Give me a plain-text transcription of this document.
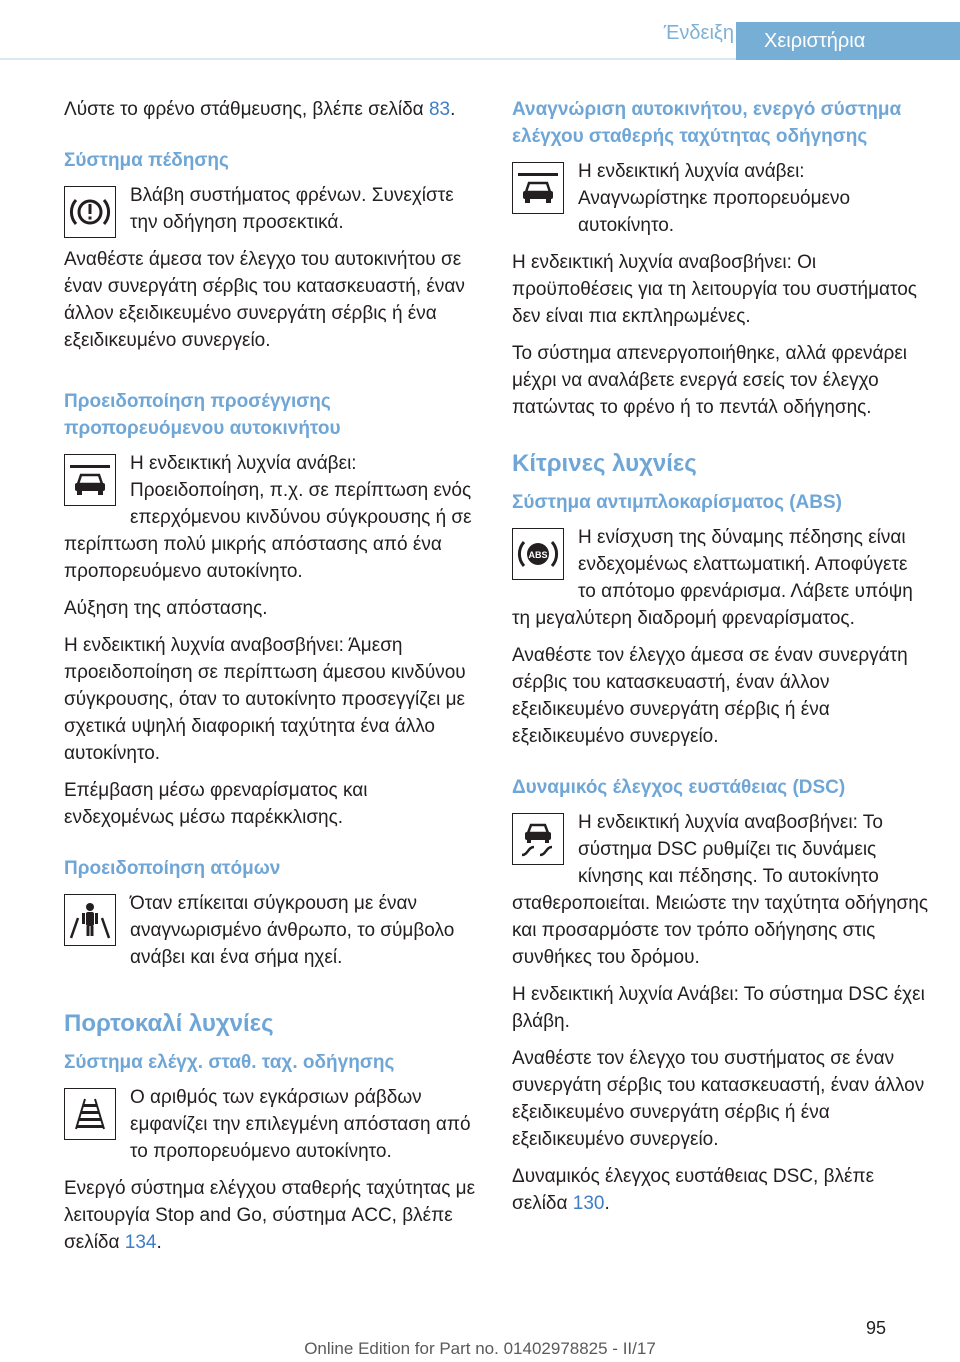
Ένδειξη	Χειριστήρια

Λύστε το φρένο στάθμευσης, βλέπε σελίδα 83.

Σύστημα πέδησης

Βλάβη συστήματος φρένων. Συνεχίστε την οδήγηση προσεκτικά.

Αναθέστε άμεσα τον έλεγχο του αυτοκινήτου σε έναν συνεργάτη σέρβις του κατασκευαστή, έναν άλλον εξειδικευμένο συνεργάτη σέρβις ή ένα εξειδικευμένο συνεργείο.

Προειδοποίηση προσέγγισης προπορευόμενου αυτοκινήτου

Η ενδεικτική λυχνία ανάβει: Προειδοποίηση, π.χ. σε περίπτωση ενός επερχόμενου κινδύνου σύγκρουσης ή σε περίπτωση πολύ μικρής απόστασης από ένα προπορευόμενο αυτοκίνητο.

Αύξηση της απόστασης.

Η ενδεικτική λυχνία αναβοσβήνει: Άμεση προειδοποίηση σε περίπτωση άμεσου κινδύνου σύγκρουσης, όταν το αυτοκίνητο προσεγγίζει με σχετικά υψηλή διαφορική ταχύτητα ένα άλλο αυτοκίνητο.

Επέμβαση μέσω φρεναρίσματος και ενδεχομένως μέσω παρέκκλισης.

Προειδοποίηση ατόμων

Όταν επίκειται σύγκρουση με έναν αναγνωρισμένο άνθρωπο, το σύμβολο ανάβει και ένα σήμα ηχεί.

Πορτοκαλί λυχνίες
Σύστημα ελέγχ. σταθ. ταχ. οδήγησης

Ο αριθμός των εγκάρσιων ράβδων εμφανίζει την επιλεγμένη απόσταση από το προπορευόμενο αυτοκίνητο.

Ενεργό σύστημα ελέγχου σταθερής ταχύτητας με λειτουργία Stop and Go, σύστημα ACC, βλέπε σελίδα 134.

Αναγνώριση αυτοκινήτου, ενεργό σύστημα ελέγχου σταθερής ταχύτητας οδήγησης

Η ενδεικτική λυχνία ανάβει: Αναγνωρίστηκε προπορευόμενο αυτοκίνητο.

Η ενδεικτική λυχνία αναβοσβήνει: Οι προϋποθέσεις για τη λειτουργία του συστήματος δεν είναι πια εκπληρωμένες.

Το σύστημα απενεργοποιήθηκε, αλλά φρενάρει μέχρι να αναλάβετε ενεργά εσείς τον έλεγχο πατώντας το φρένο ή το πεντάλ οδήγησης.

Κίτρινες λυχνίες
Σύστημα αντιμπλοκαρίσματος (ABS)
ABS

Η ενίσχυση της δύναμης πέδησης είναι ενδεχομένως ελαττωματική. Αποφύγετε το απότομο φρενάρισμα. Λάβετε υπόψη τη μεγαλύτερη διαδρομή φρεναρίσματος.

Αναθέστε τον έλεγχο άμεσα σε έναν συνεργάτη σέρβις του κατασκευαστή, έναν άλλον εξειδικευμένο συνεργάτη σέρβις ή ένα εξειδικευμένο συνεργείο.

Δυναμικός έλεγχος ευστάθειας (DSC)

Η ενδεικτική λυχνία αναβοσβήνει: Το σύστημα DSC ρυθμίζει τις δυνάμεις κίνησης και πέδησης. Το αυτοκίνητο σταθεροποιείται. Μειώστε την ταχύτητα οδήγησης και προσαρμόστε τον τρόπο οδήγησης στις συνθήκες του δρόμου.

Η ενδεικτική λυχνία Ανάβει: Το σύστημα DSC έχει βλάβη.

Αναθέστε τον έλεγχο του συστήματος σε έναν συνεργάτη σέρβις του κατασκευαστή, έναν άλλον εξειδικευμένο συνεργάτη σέρβις ή ένα εξειδικευμένο συνεργείο.

Δυναμικός έλεγχος ευστάθειας DSC, βλέπε σελίδα 130.

95
Online Edition for Part no. 01402978825 - II/17
